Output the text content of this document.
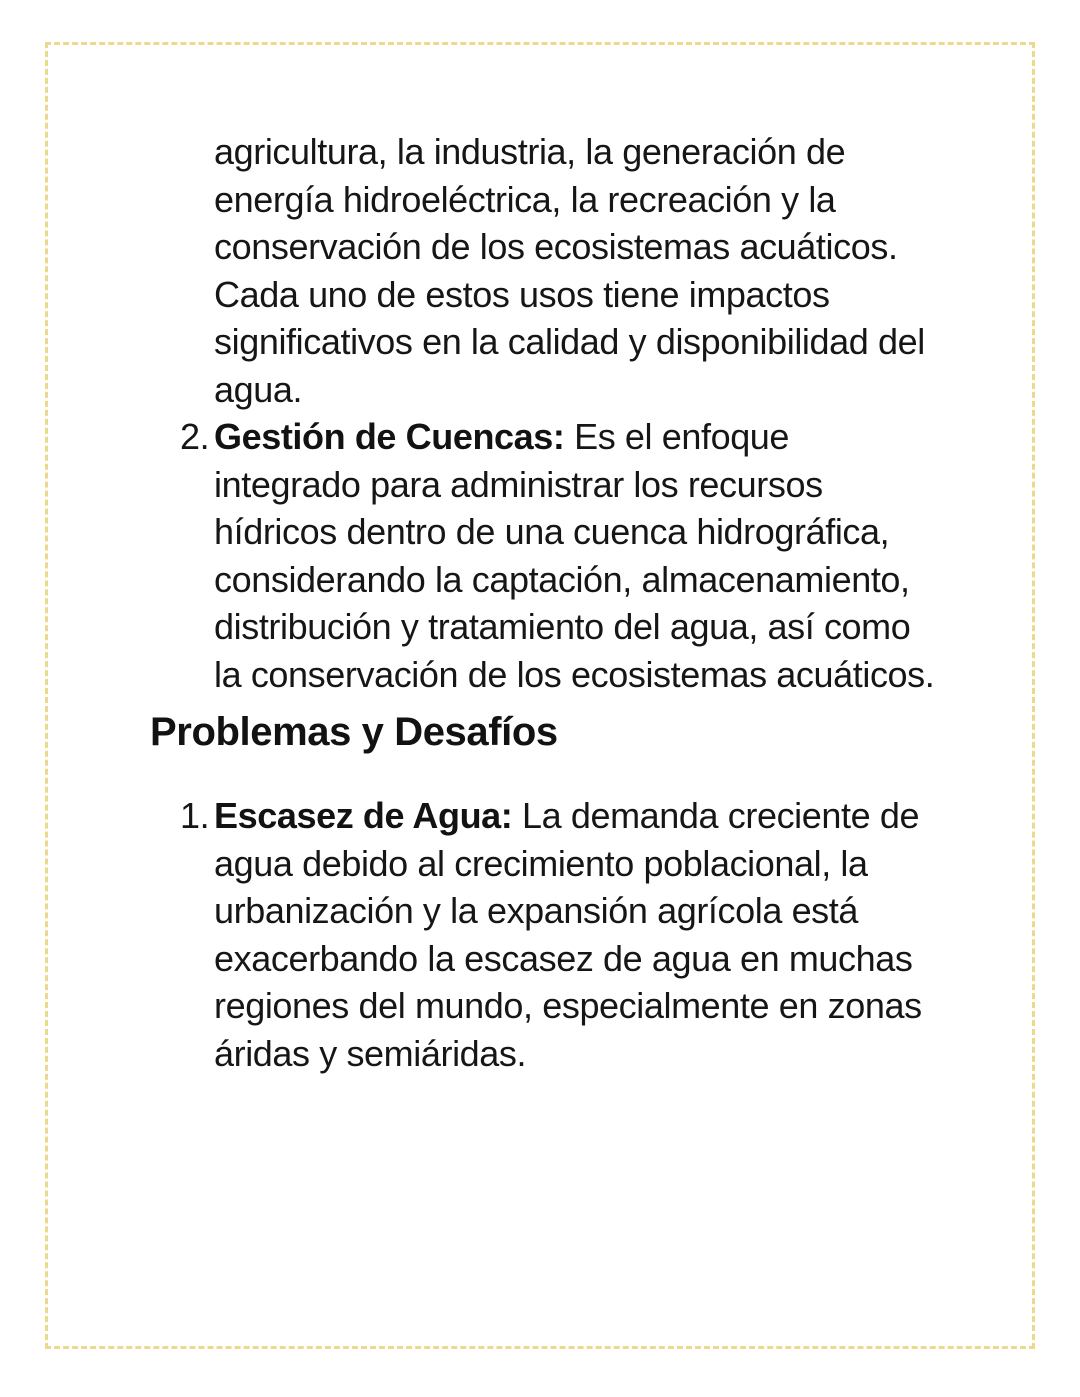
agricultura, la industria, la generación de energía hidroeléctrica, la recreación y la conservación de los ecosistemas acuáticos. Cada uno de estos usos tiene impactos significativos en la calidad y disponibilidad del agua.

2. Gestión de Cuencas: Es el enfoque integrado para administrar los recursos hídricos dentro de una cuenca hidrográfica, considerando la captación, almacenamiento, distribución y tratamiento del agua, así como la conservación de los ecosistemas acuáticos.

Problemas y Desafíos
1. Escasez de Agua: La demanda creciente de agua debido al crecimiento poblacional, la urbanización y la expansión agrícola está exacerbando la escasez de agua en muchas regiones del mundo, especialmente en zonas áridas y semiáridas.
